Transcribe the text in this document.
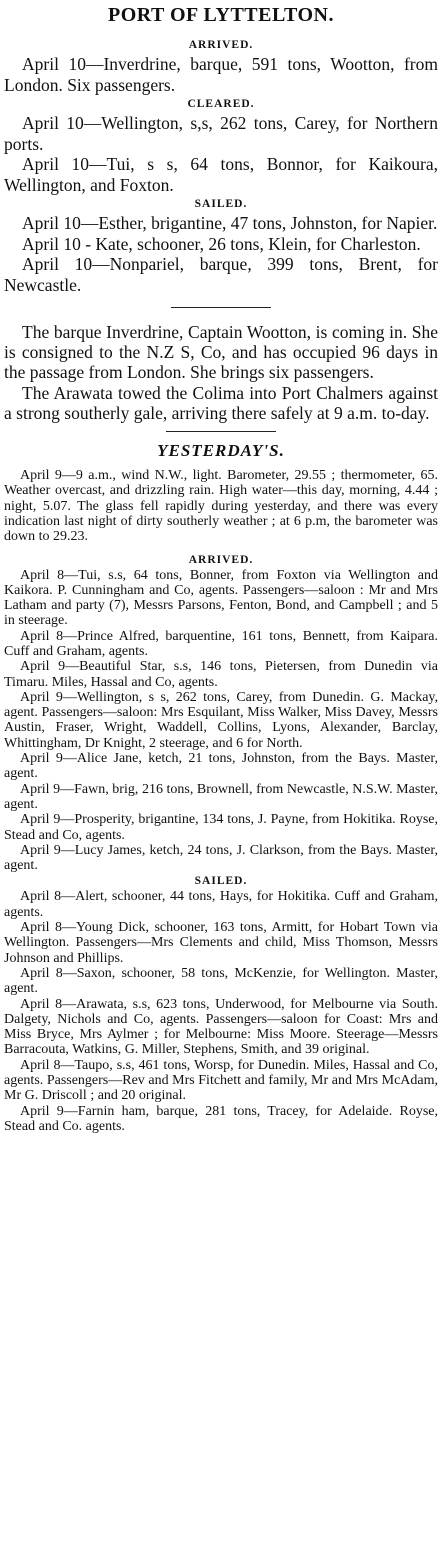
PORT OF LYTTELTON.
ARRIVED.

April 10—Inverdrine, barque, 591 tons, Wootton, from London. Six passengers.

CLEARED.

April 10—Wellington, s,s, 262 tons, Carey, for Northern ports.

April 10—Tui, s s, 64 tons, Bonnor, for Kaikoura, Wellington, and Foxton.

SAILED.

April 10—Esther, brigantine, 47 tons, Johnston, for Napier.

April 10 - Kate, schooner, 26 tons, Klein, for Charleston.

April 10—Nonpariel, barque, 399 tons, Brent, for Newcastle.

The barque Inverdrine, Captain Wootton, is coming in. She is consigned to the N.Z S, Co, and has occupied 96 days in the passage from London. She brings six passengers.

The Arawata towed the Colima into Port Chalmers against a strong southerly gale, arriving there safely at 9 a.m. to-day.

YESTERDAY'S.

April 9—9 a.m., wind N.W., light. Barometer, 29.55 ; thermometer, 65. Weather overcast, and drizzling rain. High water—this day, morning, 4.44 ; night, 5.07. The glass fell rapidly during yesterday, and there was every indication last night of dirty southerly weather ; at 6 p.m, the barometer was down to 29.23.

ARRIVED.

April 8—Tui, s.s, 64 tons, Bonner, from Foxton via Wellington and Kaikora. P. Cunningham and Co, agents. Passengers—saloon : Mr and Mrs Latham and party (7), Messrs Parsons, Fenton, Bond, and Campbell ; and 5 in steerage.

April 8—Prince Alfred, barquentine, 161 tons, Bennett, from Kaipara. Cuff and Graham, agents.

April 9—Beautiful Star, s.s, 146 tons, Pietersen, from Dunedin via Timaru. Miles, Hassal and Co, agents.

April 9—Wellington, s s, 262 tons, Carey, from Dunedin. G. Mackay, agent. Passengers—saloon: Mrs Esquilant, Miss Walker, Miss Davey, Messrs Austin, Fraser, Wright, Waddell, Collins, Lyons, Alexander, Barclay, Whittingham, Dr Knight, 2 steerage, and 6 for North.

April 9—Alice Jane, ketch, 21 tons, Johnston, from the Bays. Master, agent.

April 9—Fawn, brig, 216 tons, Brownell, from Newcastle, N.S.W. Master, agent.

April 9—Prosperity, brigantine, 134 tons, J. Payne, from Hokitika. Royse, Stead and Co, agents.

April 9—Lucy James, ketch, 24 tons, J. Clarkson, from the Bays. Master, agent.

SAILED.

April 8—Alert, schooner, 44 tons, Hays, for Hokitika. Cuff and Graham, agents.

April 8—Young Dick, schooner, 163 tons, Armitt, for Hobart Town via Wellington. Passengers—Mrs Clements and child, Miss Thomson, Messrs Johnson and Phillips.

April 8—Saxon, schooner, 58 tons, McKenzie, for Wellington. Master, agent.

April 8—Arawata, s.s, 623 tons, Underwood, for Melbourne via South. Dalgety, Nichols and Co, agents. Passengers—saloon for Coast: Mrs and Miss Bryce, Mrs Aylmer ; for Melbourne: Miss Moore. Steerage—Messrs Barracouta, Watkins, G. Miller, Stephens, Smith, and 39 original.

April 8—Taupo, s.s, 461 tons, Worsp, for Dunedin. Miles, Hassal and Co, agents. Passengers—Rev and Mrs Fitchett and family, Mr and Mrs McAdam, Mr G. Driscoll ; and 20 original.

April 9—Farnin ham, barque, 281 tons, Tracey, for Adelaide. Royse, Stead and Co. agents.
